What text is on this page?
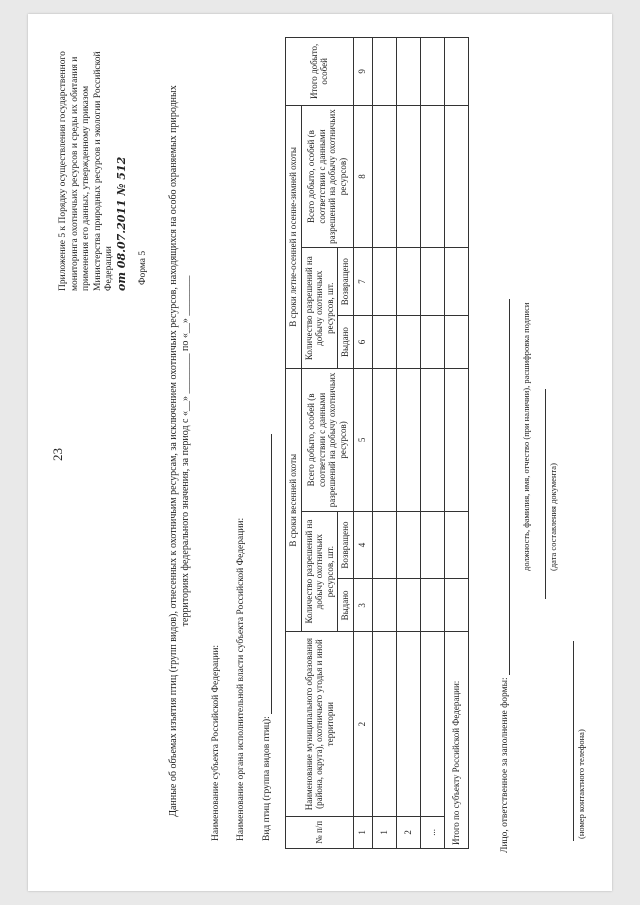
23
Приложение 5 к Порядку осуществления государственного мониторинга охотничьих ресурсов и среды их обитания и применения его данных, утвержденному приказом Министерства природных ресурсов и экологии Российской Федерации
от 08.07.2011 № 512 Форма 5 Данные об объемах изъятия птиц (групп видов), отнесенных к охотничьим ресурсам, за исключением охотничьих ресурсов, находящихся на особо охраняемых природных территориях федерального значения, за период с «__» ________ по «__» ________
Наименование субъекта Российской Федерации: Наименование органа исполнительной власти субъекта Российской Федерации: Вид птиц (группа видов птиц):	№ п/п	Наименование муниципального образования (района, округа), охотничьего угодья и иной территории	В сроки весенней охоты			В сроки летне-осенней и осенне-зимней охоты			Итого добыто, особей
		Количество разрешений на добычу охотничьих ресурсов, шт.		Всего добыто, особей (в соответствии с данными разрешений на добычу охотничьих ресурсов)	Количество разрешений на добычу охотничьих ресурсов, шт.		Всего добыто, особей (в соответствии с данными разрешений на добычу охотничьих ресурсов)	
		Выдано	Возвращено		Выдано	Возвращено		
1	2	3	4	5	6	7	8	9
1								
2								
...								
Итого по субъекту Российской Федерации:									Лицо, ответственное за заполнение формы:
должность, фамилия, имя, отчество (при наличии), расшифровка подписи (дата составления документа)
(номер контактного телефона)
